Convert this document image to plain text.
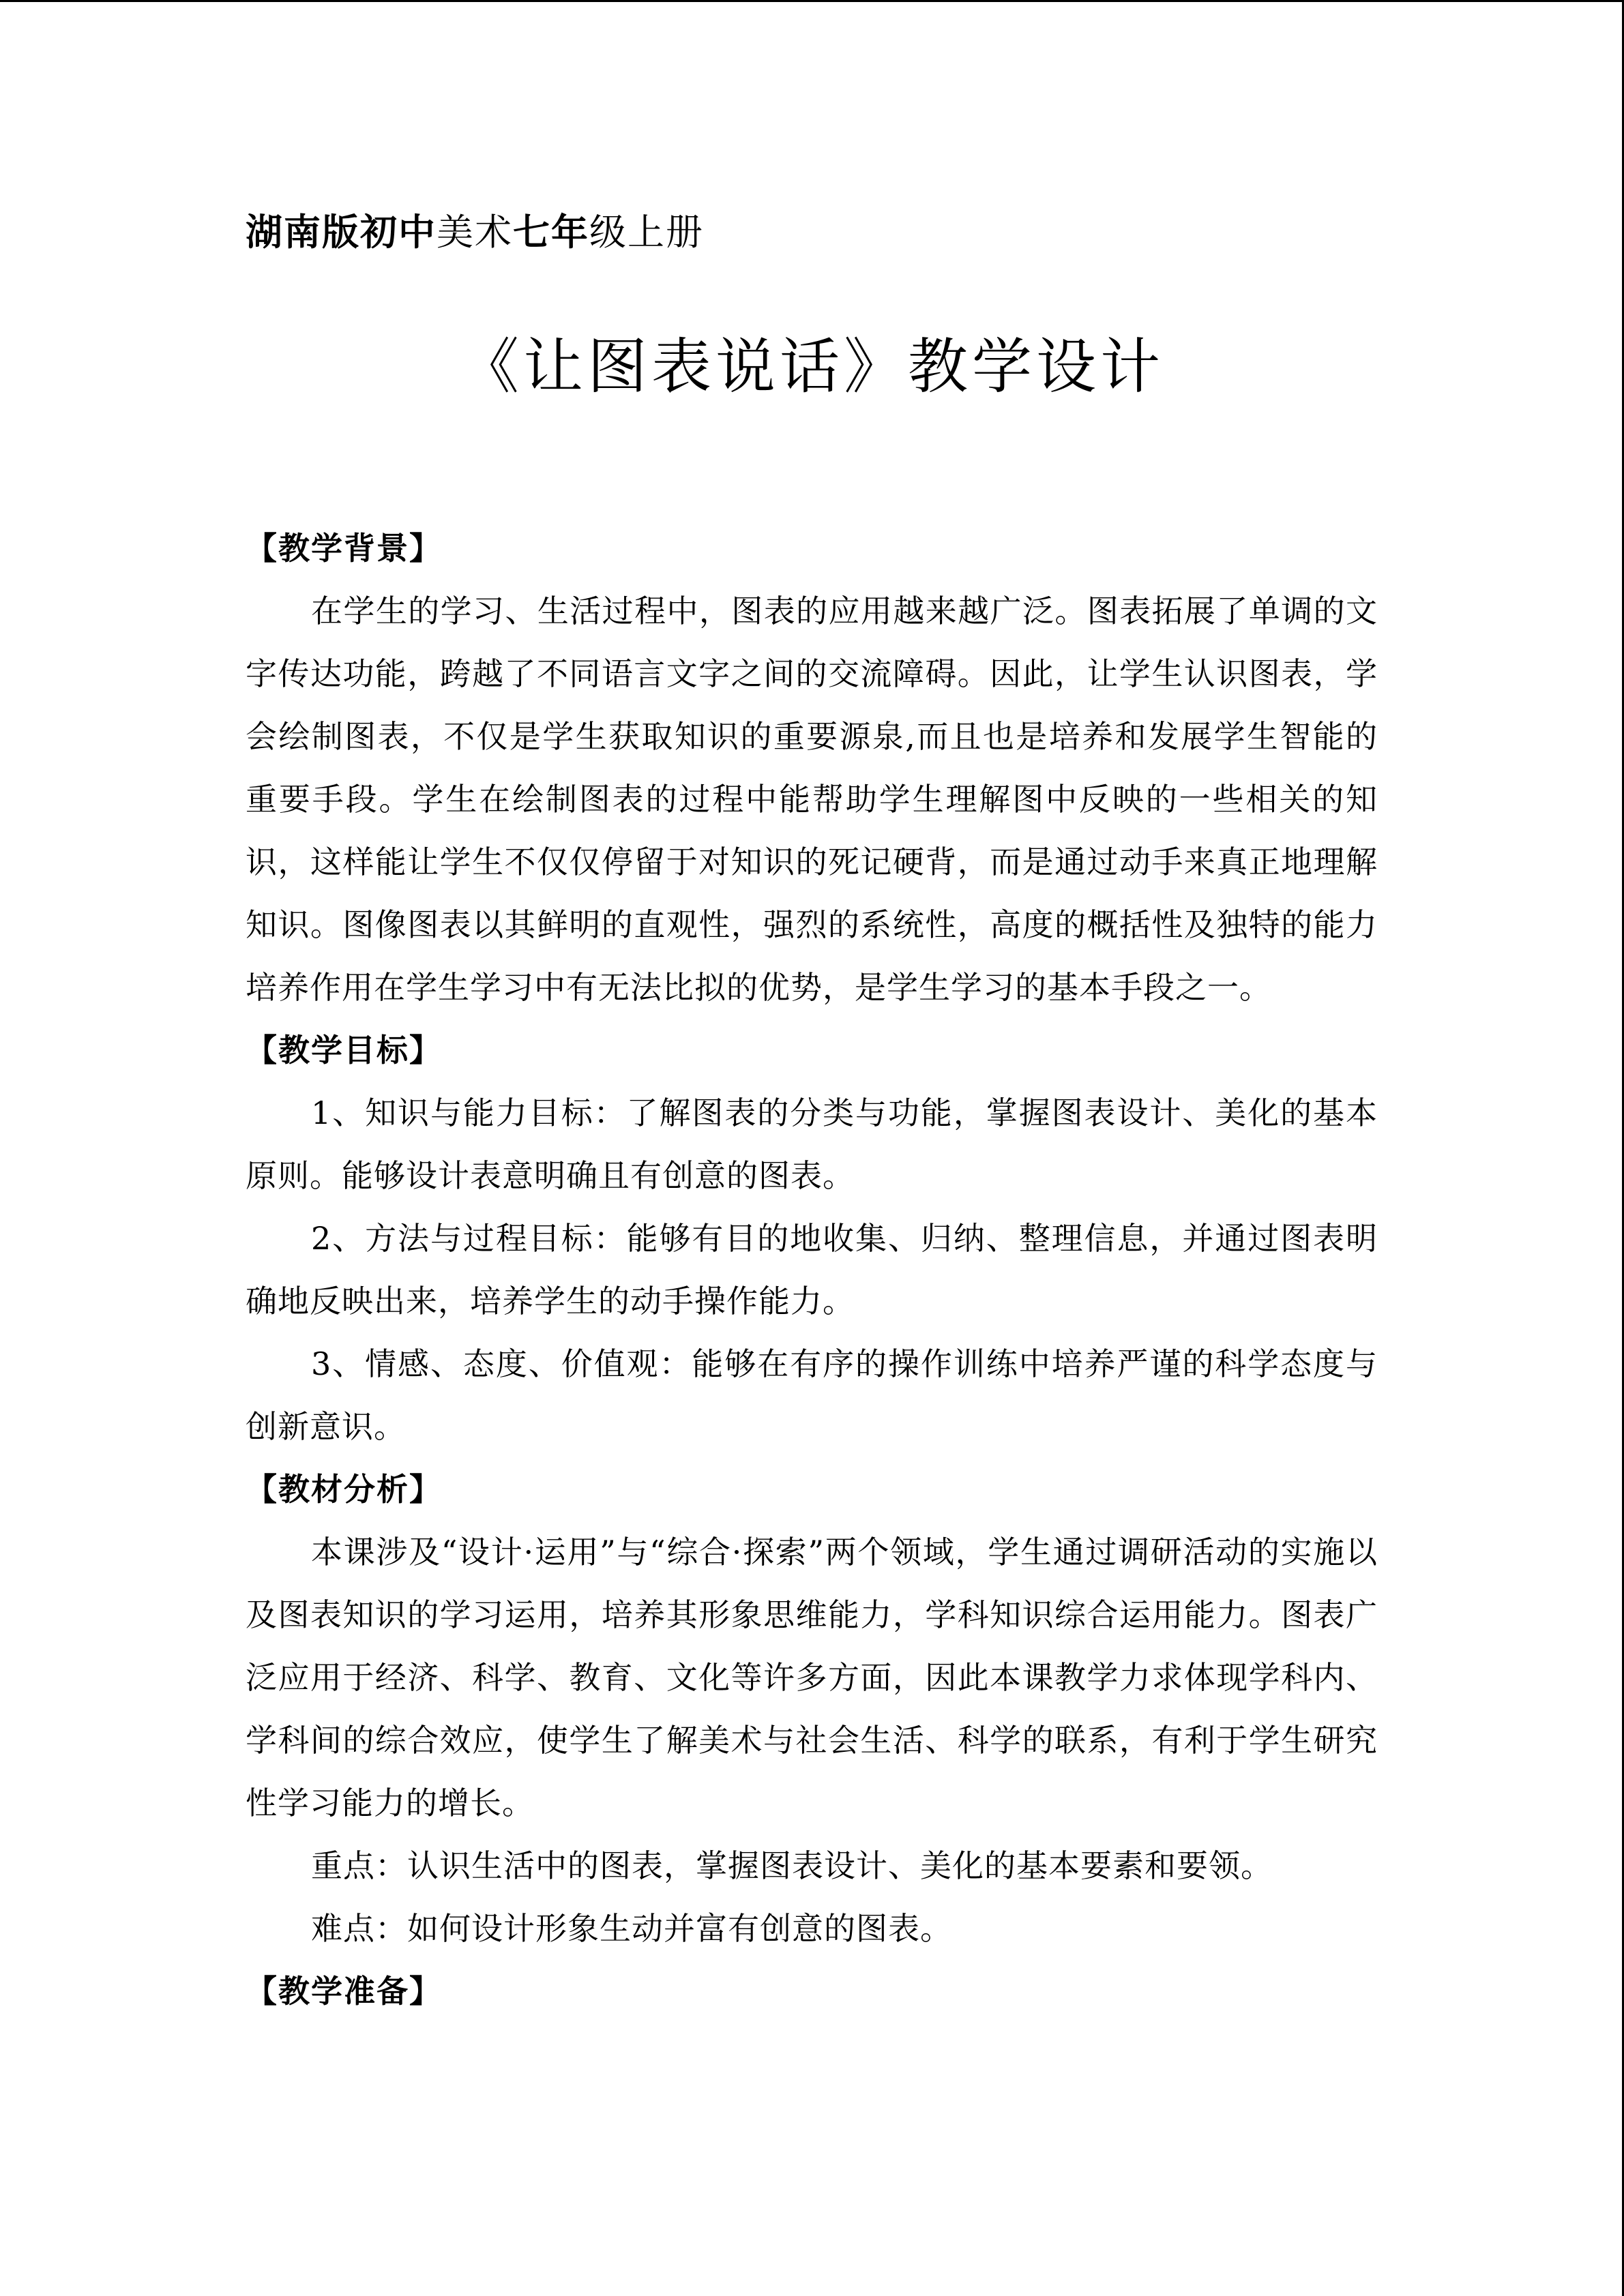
湖南版初中美术七年级上册

《让图表说话》教学设计

【教学背景】

在学生的学习、生活过程中，图表的应用越来越广泛。图表拓展了单调的文字传达功能，跨越了不同语言文字之间的交流障碍。因此，让学生认识图表，学会绘制图表，不仅是学生获取知识的重要源泉,而且也是培养和发展学生智能的重要手段。学生在绘制图表的过程中能帮助学生理解图中反映的一些相关的知识，这样能让学生不仅仅停留于对知识的死记硬背，而是通过动手来真正地理解知识。图像图表以其鲜明的直观性，强烈的系统性，高度的概括性及独特的能力培养作用在学生学习中有无法比拟的优势，是学生学习的基本手段之一。

【教学目标】

1、知识与能力目标：了解图表的分类与功能，掌握图表设计、美化的基本原则。能够设计表意明确且有创意的图表。

2、方法与过程目标：能够有目的地收集、归纳、整理信息，并通过图表明确地反映出来，培养学生的动手操作能力。

3、情感、态度、价值观：能够在有序的操作训练中培养严谨的科学态度与创新意识。

【教材分析】

本课涉及“设计·运用”与“综合·探索”两个领域，学生通过调研活动的实施以及图表知识的学习运用，培养其形象思维能力，学科知识综合运用能力。图表广泛应用于经济、科学、教育、文化等许多方面，因此本课教学力求体现学科内、学科间的综合效应，使学生了解美术与社会生活、科学的联系，有利于学生研究性学习能力的增长。

重点：认识生活中的图表，掌握图表设计、美化的基本要素和要领。

难点：如何设计形象生动并富有创意的图表。

【教学准备】
